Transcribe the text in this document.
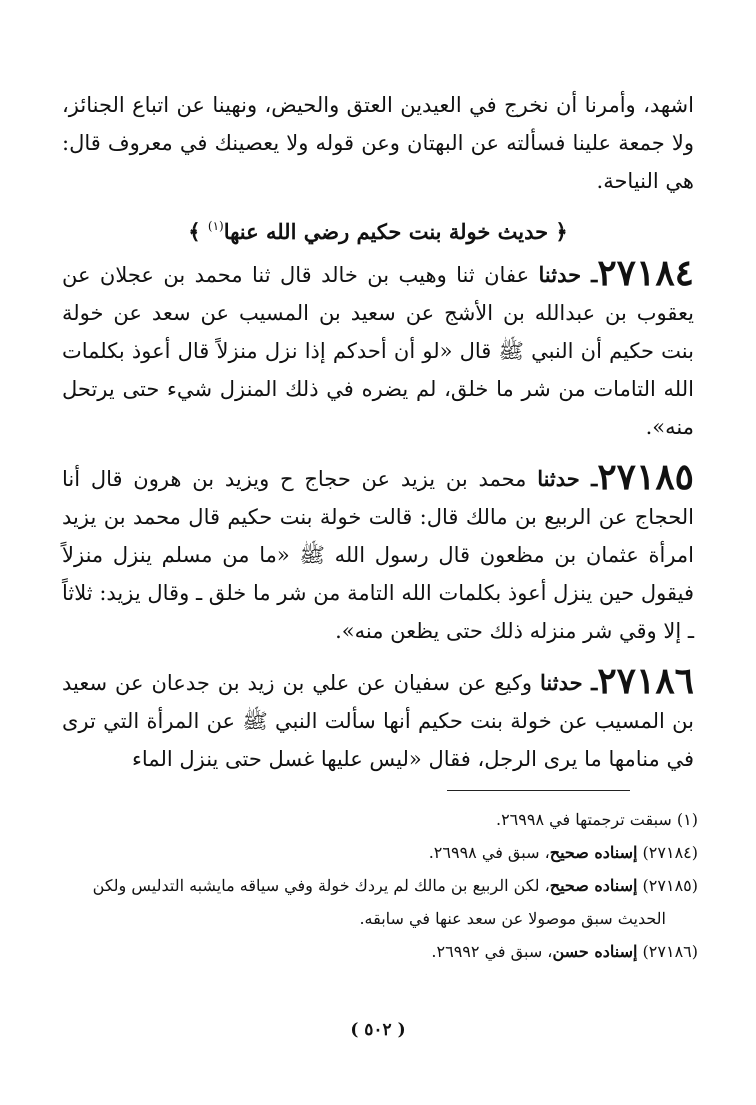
اشهد، وأمرنا أن نخرج في العيدين العتق والحيض، ونهينا عن اتباع الجنائز، ولا جمعة علينا فسألته عن البهتان وعن قوله ولا يعصينك في معروف قال: هي النياحة.

﴿ حديث خولة بنت حكيم رضي الله عنها$^{(١)}$ ﴾

٢٧١٨٤ـ حدثنا عفان ثنا وهيب بن خالد قال ثنا محمد بن عجلان عن يعقوب بن عبدالله بن الأشج عن سعيد بن المسيب عن سعد عن خولة بنت حكيم أن النبي ﷺ قال «لو أن أحدكم إذا نزل منزلاً قال أعوذ بكلمات الله التامات من شر ما خلق، لم يضره في ذلك المنزل شيء حتى يرتحل منه».

٢٧١٨٥ـ حدثنا محمد بن يزيد عن حجاج ح ويزيد بن هرون قال أنا الحجاج عن الربيع بن مالك قال: قالت خولة بنت حكيم قال محمد بن يزيد امرأة عثمان بن مظعون قال رسول الله ﷺ «ما من مسلم ينزل منزلاً فيقول حين ينزل أعوذ بكلمات الله التامة من شر ما خلق ـ وقال يزيد: ثلاثاً ـ إلا وقي شر منزله ذلك حتى يظعن منه».

٢٧١٨٦ـ حدثنا وكيع عن سفيان عن علي بن زيد بن جدعان عن سعيد بن المسيب عن خولة بنت حكيم أنها سألت النبي ﷺ عن المرأة التي ترى في منامها ما يرى الرجل، فقال «ليس عليها غسل حتى ينزل الماء

(١) سبقت ترجمتها في ٢٦٩٩٨.

(٢٧١٨٤) إسناده صحيح، سبق في ٢٦٩٩٨.

(٢٧١٨٥) إسناده صحيح، لكن الربيع بن مالك لم يردك خولة وفي سياقه مايشبه التدليس ولكن

الحديث سبق موصولا عن سعد عنها في سابقه.

(٢٧١٨٦) إسناده حسن، سبق في ٢٦٩٩٢.

( ٥٠٢ )
